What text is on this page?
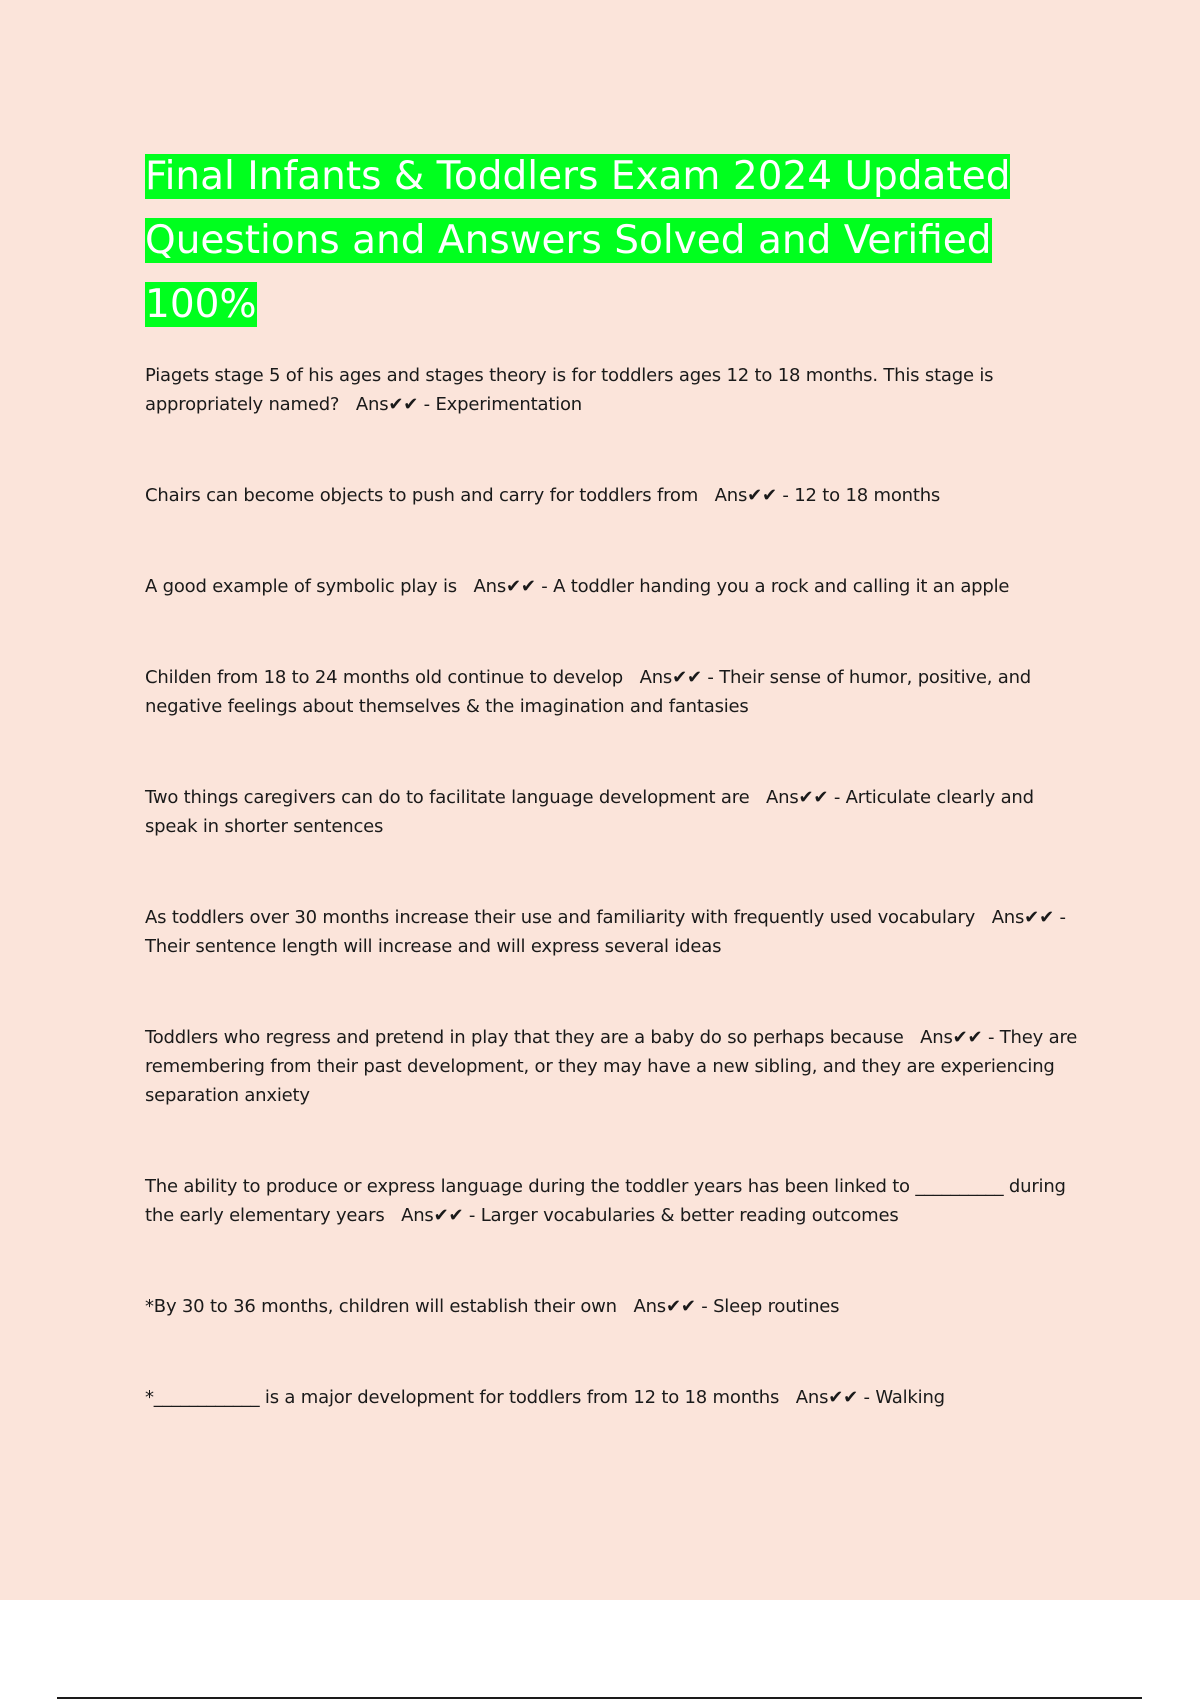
Final Infants & Toddlers Exam 2024 Updated Questions and Answers Solved and Verified 100%
Piagets stage 5 of his ages and stages theory is for toddlers ages 12 to 18 months. This stage is appropriately named? Ans✔✔ - Experimentation
Chairs can become objects to push and carry for toddlers from Ans✔✔ - 12 to 18 months
A good example of symbolic play is Ans✔✔ - A toddler handing you a rock and calling it an apple
Childen from 18 to 24 months old continue to develop Ans✔✔ - Their sense of humor, positive, and negative feelings about themselves & the imagination and fantasies
Two things caregivers can do to facilitate language development are Ans✔✔ - Articulate clearly and speak in shorter sentences
As toddlers over 30 months increase their use and familiarity with frequently used vocabulary Ans✔✔ - Their sentence length will increase and will express several ideas
Toddlers who regress and pretend in play that they are a baby do so perhaps because Ans✔✔ - They are remembering from their past development, or they may have a new sibling, and they are experiencing separation anxiety
The ability to produce or express language during the toddler years has been linked to __________ during the early elementary years Ans✔✔ - Larger vocabularies & better reading outcomes
*By 30 to 36 months, children will establish their own Ans✔✔ - Sleep routines
*____________ is a major development for toddlers from 12 to 18 months Ans✔✔ - Walking
